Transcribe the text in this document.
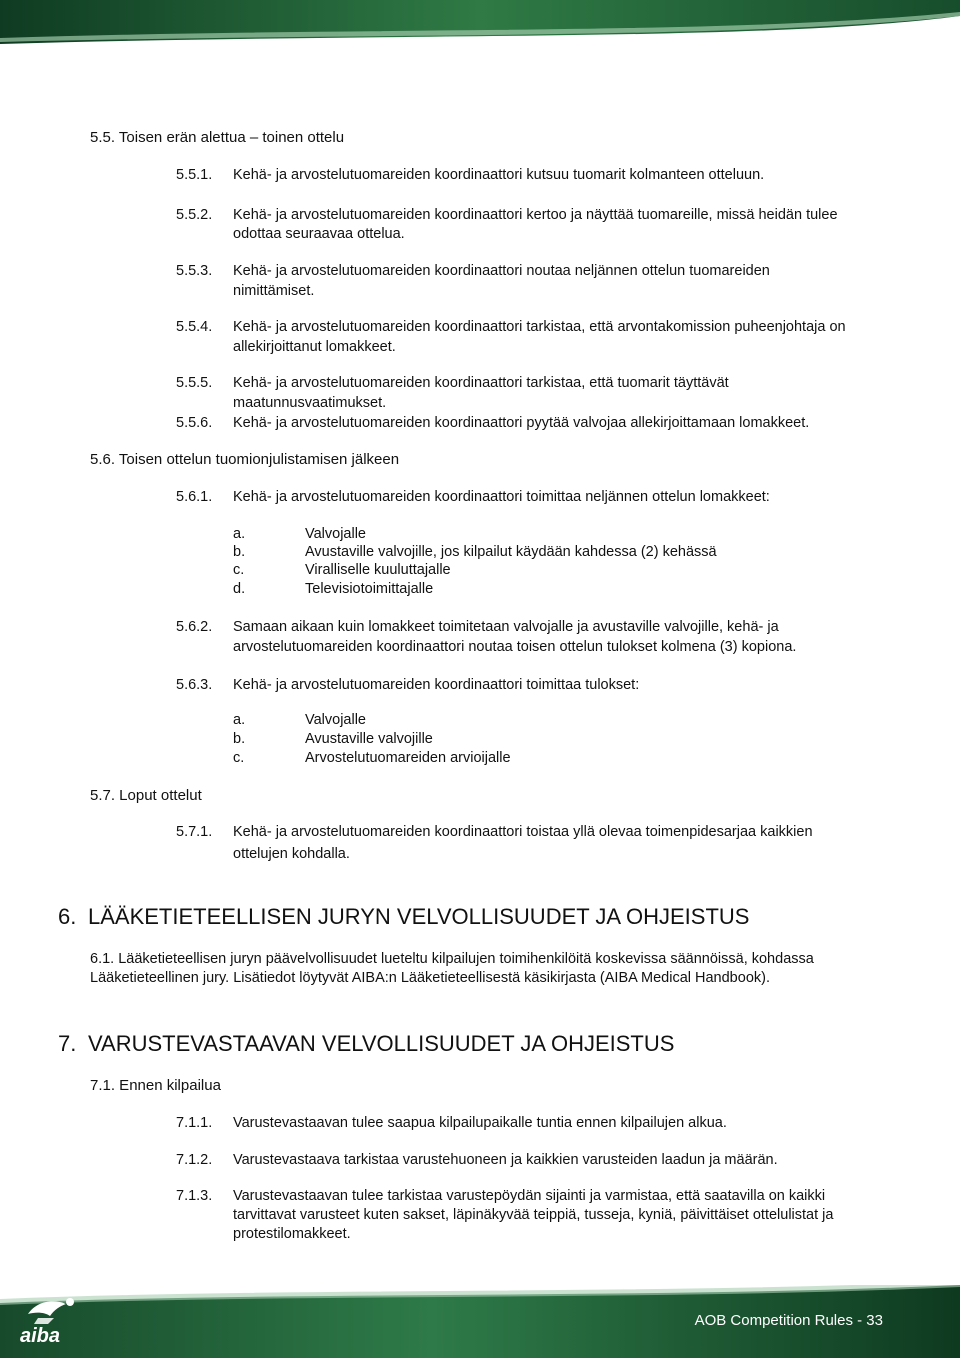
5.5. Toisen erän alettua – toinen ottelu
5.5.1. Kehä- ja arvostelutuomareiden koordinaattori kutsuu tuomarit kolmanteen otteluun.
5.5.2. Kehä- ja arvostelutuomareiden koordinaattori kertoo ja näyttää tuomareille, missä heidän tulee
odottaa seuraavaa ottelua.
5.5.3. Kehä- ja arvostelutuomareiden koordinaattori noutaa neljännen ottelun tuomareiden
nimittämiset.
5.5.4. Kehä- ja arvostelutuomareiden koordinaattori tarkistaa, että arvontakomission puheenjohtaja on
allekirjoittanut lomakkeet.
5.5.5. Kehä- ja arvostelutuomareiden koordinaattori tarkistaa, että tuomarit täyttävät
maatunnusvaatimukset.
5.5.6. Kehä- ja arvostelutuomareiden koordinaattori pyytää valvojaa allekirjoittamaan lomakkeet.
5.6. Toisen ottelun tuomionjulistamisen jälkeen
5.6.1. Kehä- ja arvostelutuomareiden koordinaattori toimittaa neljännen ottelun lomakkeet:
a.	Valvojalle
b.	Avustaville valvojille, jos kilpailut käydään kahdessa (2) kehässä
c.	Viralliselle kuuluttajalle
d.	Televisiotoimittajalle
5.6.2. Samaan aikaan kuin lomakkeet toimitetaan valvojalle ja avustaville valvojille, kehä- ja
arvostelutuomareiden koordinaattori noutaa toisen ottelun tulokset kolmena (3) kopiona.
5.6.3. Kehä- ja arvostelutuomareiden koordinaattori toimittaa tulokset:
a.	Valvojalle
b.	Avustaville valvojille
c.	Arvostelutuomareiden arvioijalle
5.7. Loput ottelut
5.7.1. Kehä- ja arvostelutuomareiden koordinaattori toistaa yllä olevaa toimenpidesarjaa kaikkien
ottelujen kohdalla.
6. LÄÄKETIETEELLISEN JURYN VELVOLLISUUDET JA OHJEISTUS
6.1. Lääketieteellisen juryn päävelvollisuudet lueteltu kilpailujen toimihenkilöitä koskevissa säännöissä, kohdassa
Lääketieteellinen jury. Lisätiedot löytyvät AIBA:n Lääketieteellisestä käsikirjasta (AIBA Medical Handbook).
7. VARUSTEVASTAAVAN VELVOLLISUUDET JA OHJEISTUS
7.1. Ennen kilpailua
7.1.1. Varustevastaavan tulee saapua kilpailupaikalle tuntia ennen kilpailujen alkua.
7.1.2. Varustevastaava tarkistaa varustehuoneen ja kaikkien varusteiden laadun ja määrän.
7.1.3. Varustevastaavan tulee tarkistaa varustepöydän sijainti ja varmistaa, että saatavilla on kaikki
tarvittavat varusteet kuten sakset, läpinäkyvää teippiä, tusseja, kyniä, päivittäiset ottelulistat ja
protestilomakkeet.
aiba
AOB Competition Rules - 33
